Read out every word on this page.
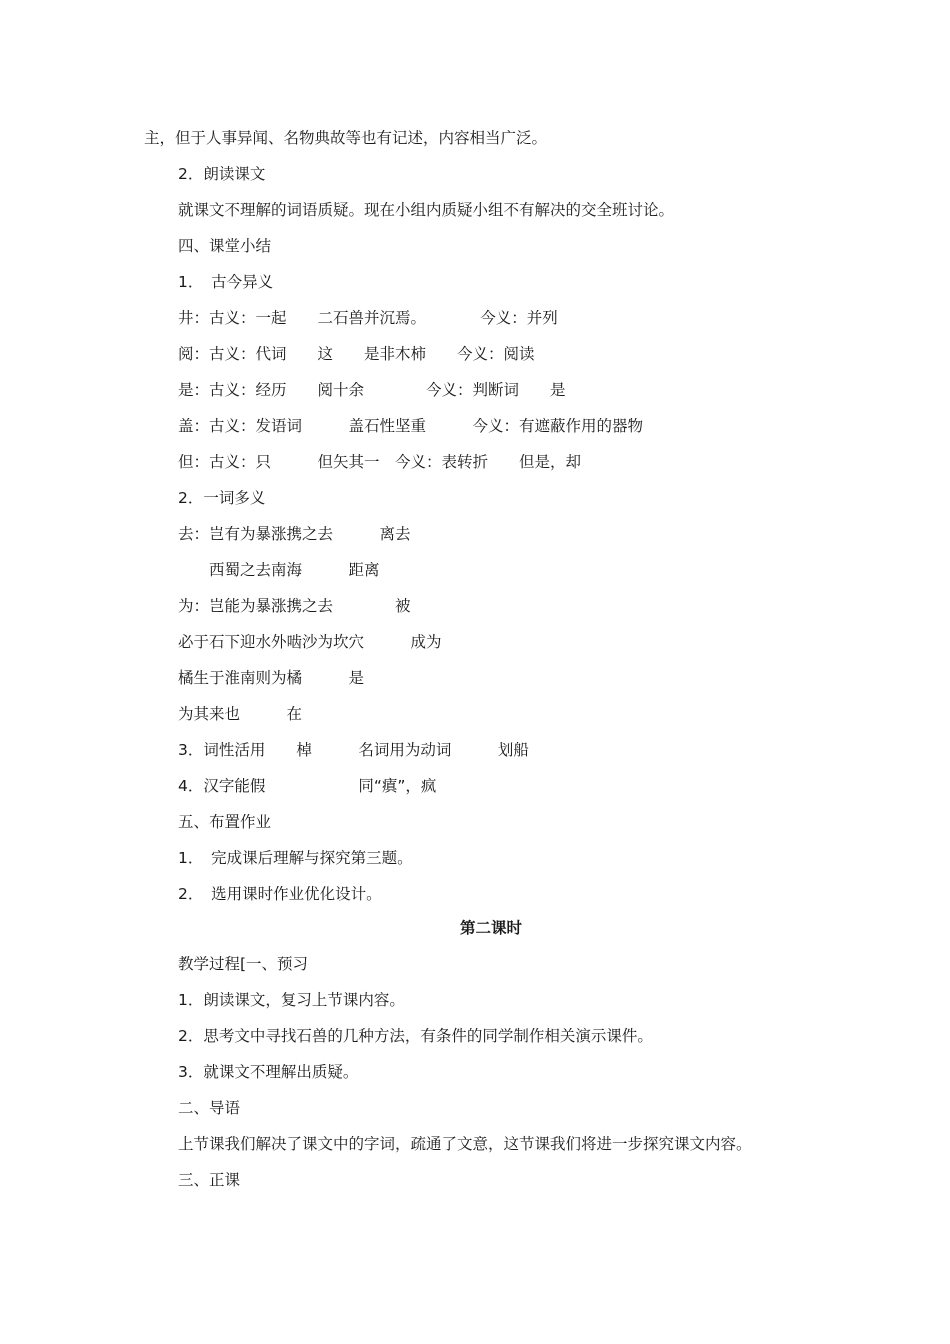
主，但于人事异闻、名物典故等也有记述，内容相当广泛。
2．朗读课文
就课文不理解的词语质疑。现在小组内质疑小组不有解决的交全班讨论。
四、课堂小结
1．　古今异义
井：古义：一起　　二石兽并沉焉。　　　　今义：并列
阅：古义：代词　　这　　是非木柿　　今义：阅读
是：古义：经历　　阅十余　　　　今义：判断词　　是
盖：古义：发语词　　　盖石性坚重　　　今义：有遮蔽作用的器物
但：古义：只　　　但矢其一　今义：表转折　　但是，却
2．一词多义
去：岂有为暴涨携之去　　　离去
　　西蜀之去南海　　　距离
为：岂能为暴涨携之去　　　　被
必于石下迎水外啮沙为坎穴　　　成为
橘生于淮南则为橘　　　是
为其来也　　　在
3．词性活用　　棹　　　名词用为动词　　　划船
4．汉字能假　　　　　　同“瘨”，疯
五、布置作业
1．　完成课后理解与探究第三题。
2．　选用课时作业优化设计。
第二课时
教学过程[一、预习
1．朗读课文，复习上节课内容。
2．思考文中寻找石兽的几种方法，有条件的同学制作相关演示课件。
3．就课文不理解出质疑。
二、导语
上节课我们解决了课文中的字词，疏通了文意，这节课我们将进一步探究课文内容。
三、正课
